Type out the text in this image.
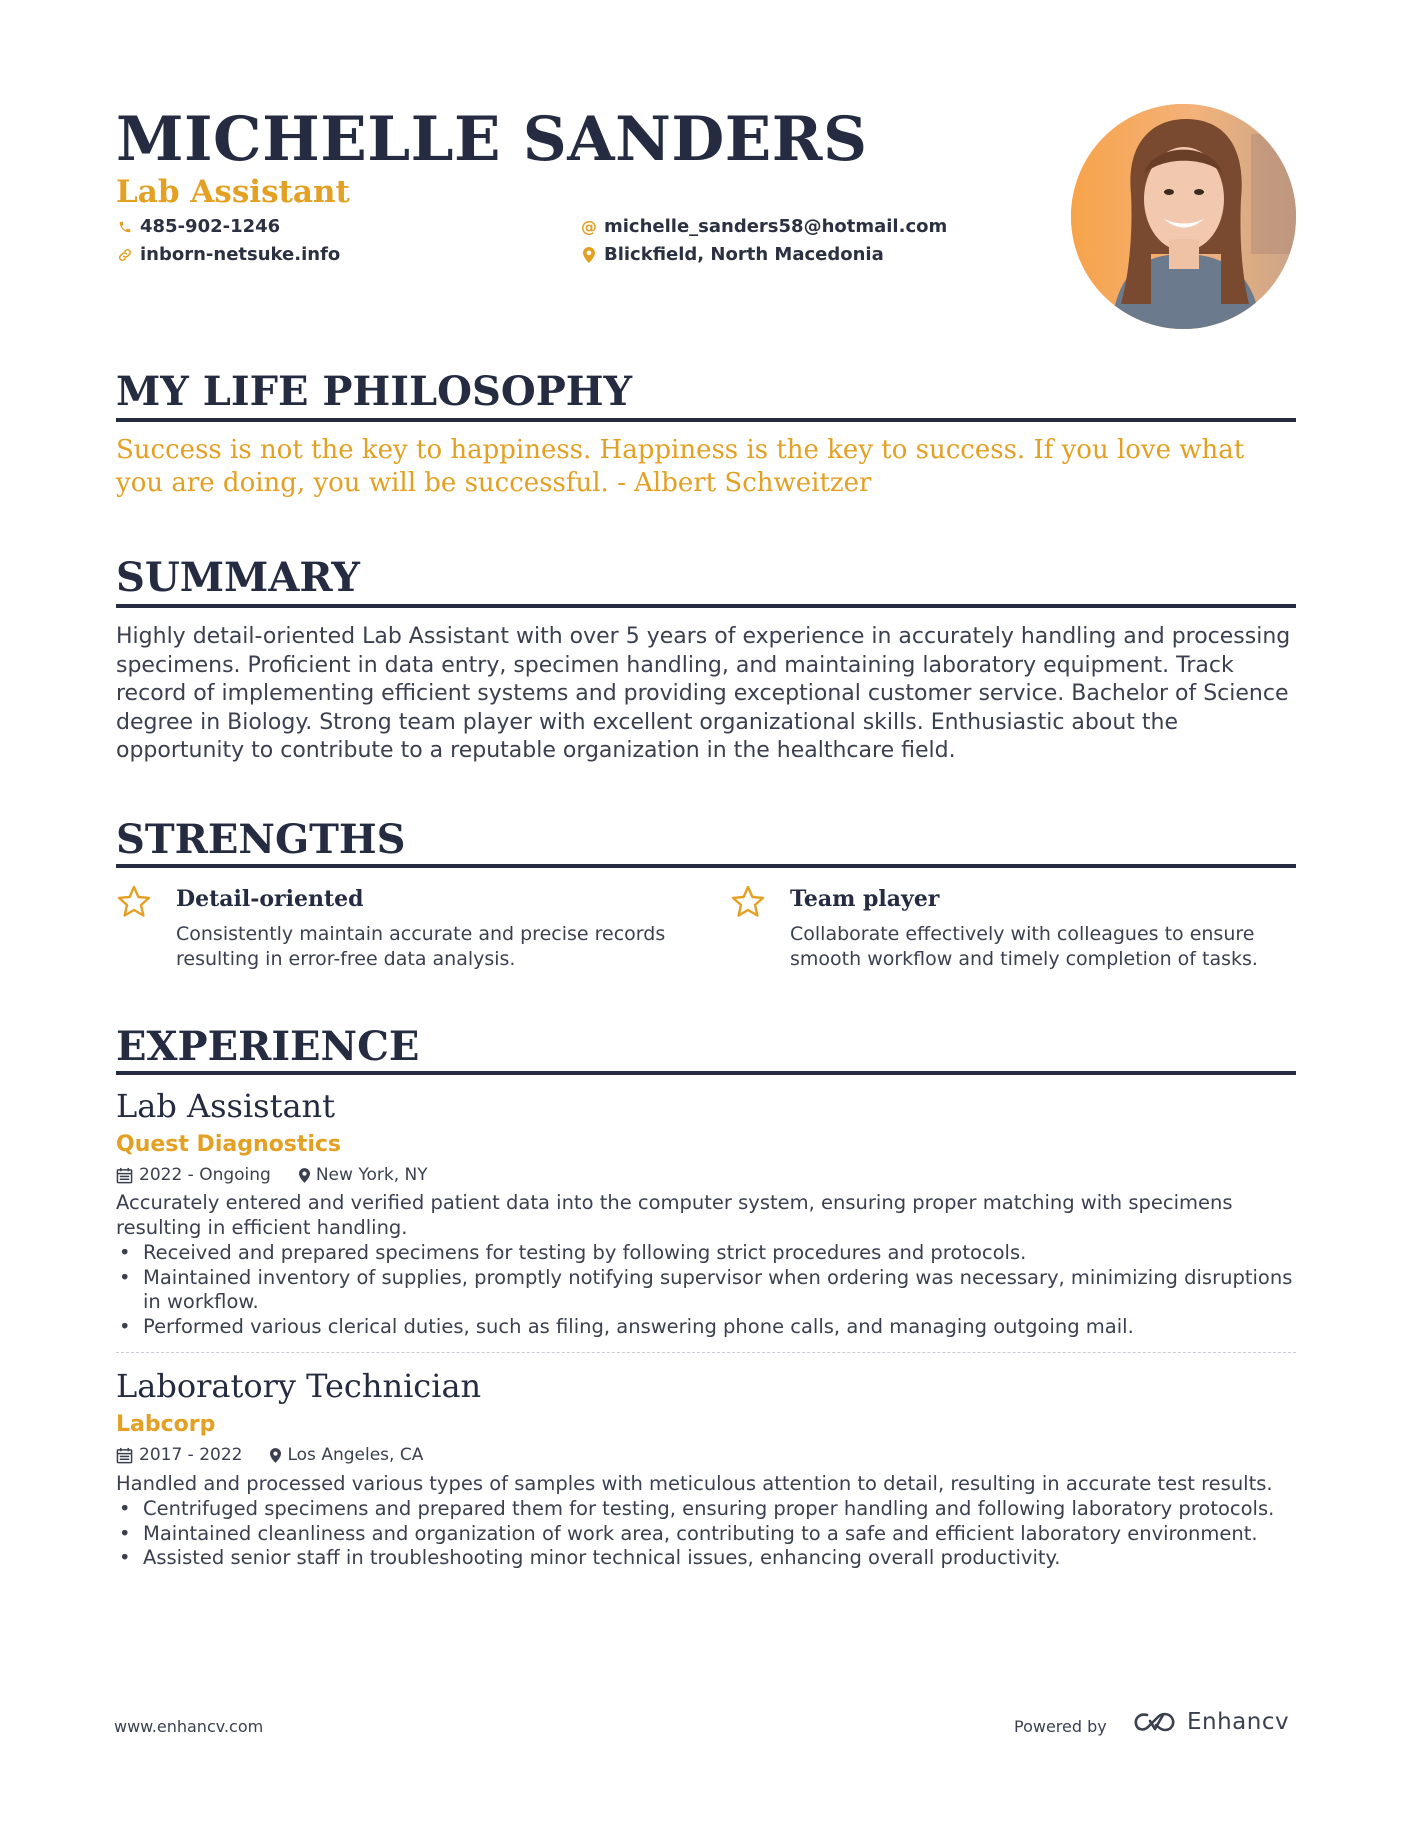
MICHELLE SANDERS
Lab Assistant
485-902-1246
inborn-netsuke.info
@ michelle_sanders58@hotmail.com
Blickfield, North Macedonia
MY LIFE PHILOSOPHY
Success is not the key to happiness. Happiness is the key to success. If you love what you are doing, you will be successful. - Albert Schweitzer
SUMMARY
Highly detail-oriented Lab Assistant with over 5 years of experience in accurately handling and processing specimens. Proficient in data entry, specimen handling, and maintaining laboratory equipment. Track record of implementing efficient systems and providing exceptional customer service. Bachelor of Science degree in Biology. Strong team player with excellent organizational skills. Enthusiastic about the opportunity to contribute to a reputable organization in the healthcare field.
STRENGTHS
Detail-oriented
Consistently maintain accurate and precise records resulting in error-free data analysis.
Team player
Collaborate effectively with colleagues to ensure smooth workflow and timely completion of tasks.
EXPERIENCE
Lab Assistant
Quest Diagnostics
2022 - Ongoing	New York, NY
Accurately entered and verified patient data into the computer system, ensuring proper matching with specimens resulting in efficient handling.
• Received and prepared specimens for testing by following strict procedures and protocols.
• Maintained inventory of supplies, promptly notifying supervisor when ordering was necessary, minimizing disruptions in workflow.
• Performed various clerical duties, such as filing, answering phone calls, and managing outgoing mail.
Laboratory Technician
Labcorp
2017 - 2022	Los Angeles, CA
Handled and processed various types of samples with meticulous attention to detail, resulting in accurate test results.
• Centrifuged specimens and prepared them for testing, ensuring proper handling and following laboratory protocols.
• Maintained cleanliness and organization of work area, contributing to a safe and efficient laboratory environment.
• Assisted senior staff in troubleshooting minor technical issues, enhancing overall productivity.
www.enhancv.com	Powered by	Enhancv
